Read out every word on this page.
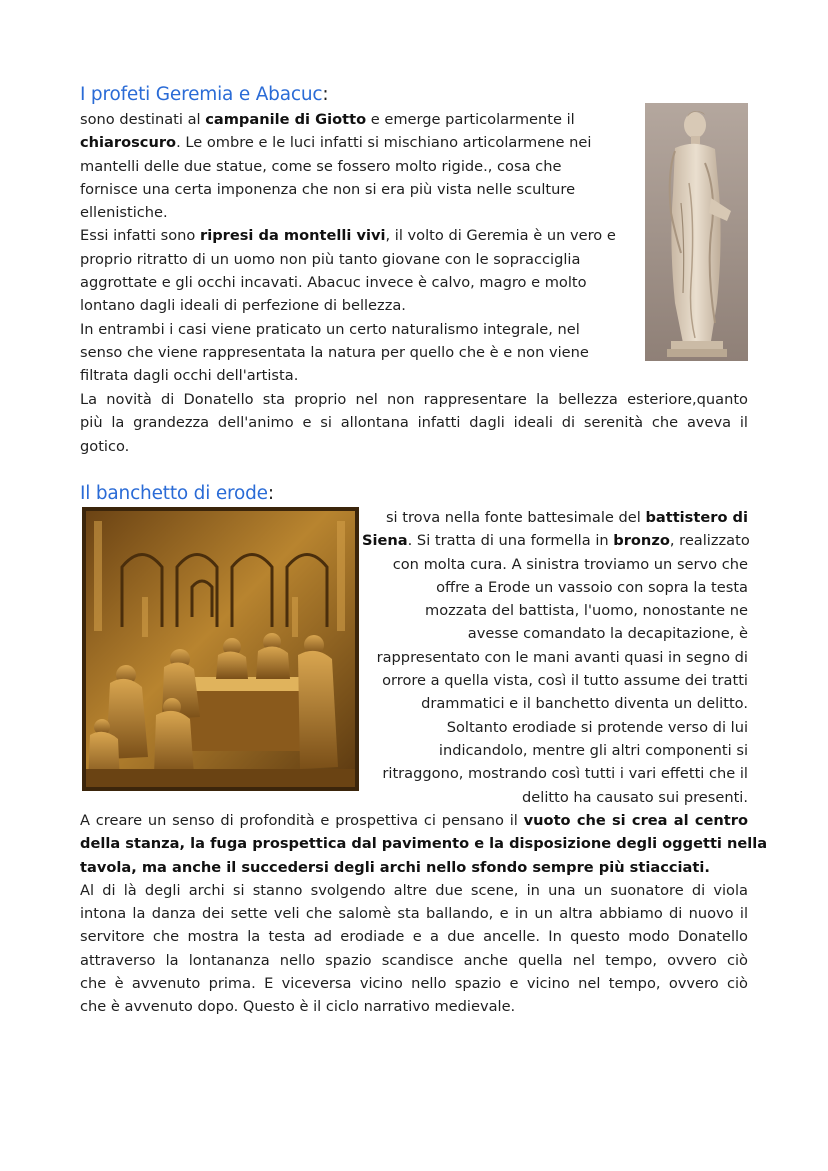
I profeti Geremia e Abacuc:
sono destinati al campanile di Giotto e emerge particolarmente il
chiaroscuro. Le ombre e le luci infatti si mischiano articolarmene nei
mantelli delle due statue, come se fossero molto rigide., cosa che
fornisce una certa imponenza che non si era più vista nelle sculture
ellenistiche.
Essi infatti sono ripresi da montelli vivi, il volto di Geremia è un vero e
proprio ritratto di un uomo non più tanto giovane con le sopracciglia
aggrottate e gli occhi incavati. Abacuc invece è calvo, magro e molto
lontano dagli ideali di perfezione di bellezza.
In entrambi i casi viene praticato un certo naturalismo integrale, nel
senso che viene rappresentata la natura per quello che è e non viene
filtrata dagli occhi dell'artista.
La novità di Donatello sta proprio nel non rappresentare la bellezza esteriore,quanto
più la grandezza dell'animo e si allontana infatti dagli ideali di serenità che aveva il
gotico.
Il banchetto di erode:
si trova nella fonte battesimale del battistero di
Siena. Si tratta di una formella in bronzo, realizzato
con molta cura. A sinistra troviamo un servo che
offre a Erode un vassoio con sopra la testa
mozzata del battista, l'uomo, nonostante ne
avesse comandato la decapitazione, è
rappresentato con le mani avanti quasi in segno di
orrore a quella vista, così il tutto assume dei tratti
drammatici e il banchetto diventa un delitto.
Soltanto erodiade si protende verso di lui
indicandolo, mentre gli altri componenti si
ritraggono, mostrando così tutti i vari effetti che il
delitto ha causato sui presenti.
A creare un senso di profondità e prospettiva ci pensano il vuoto che si crea al centro
della stanza, la fuga prospettica dal pavimento e la disposizione degli oggetti nella
tavola, ma anche il succedersi degli archi nello sfondo sempre più stiacciati.
Al di là degli archi si stanno svolgendo altre due scene, in una un suonatore di viola
intona la danza dei sette veli che salomè sta ballando, e in un altra abbiamo di nuovo il
servitore che mostra la testa ad erodiade e a due ancelle. In questo modo Donatello
attraverso la lontananza nello spazio scandisce anche quella nel tempo, ovvero ciò
che è avvenuto prima. E viceversa vicino nello spazio e vicino nel tempo, ovvero ciò
che è avvenuto dopo. Questo è il ciclo narrativo medievale.
